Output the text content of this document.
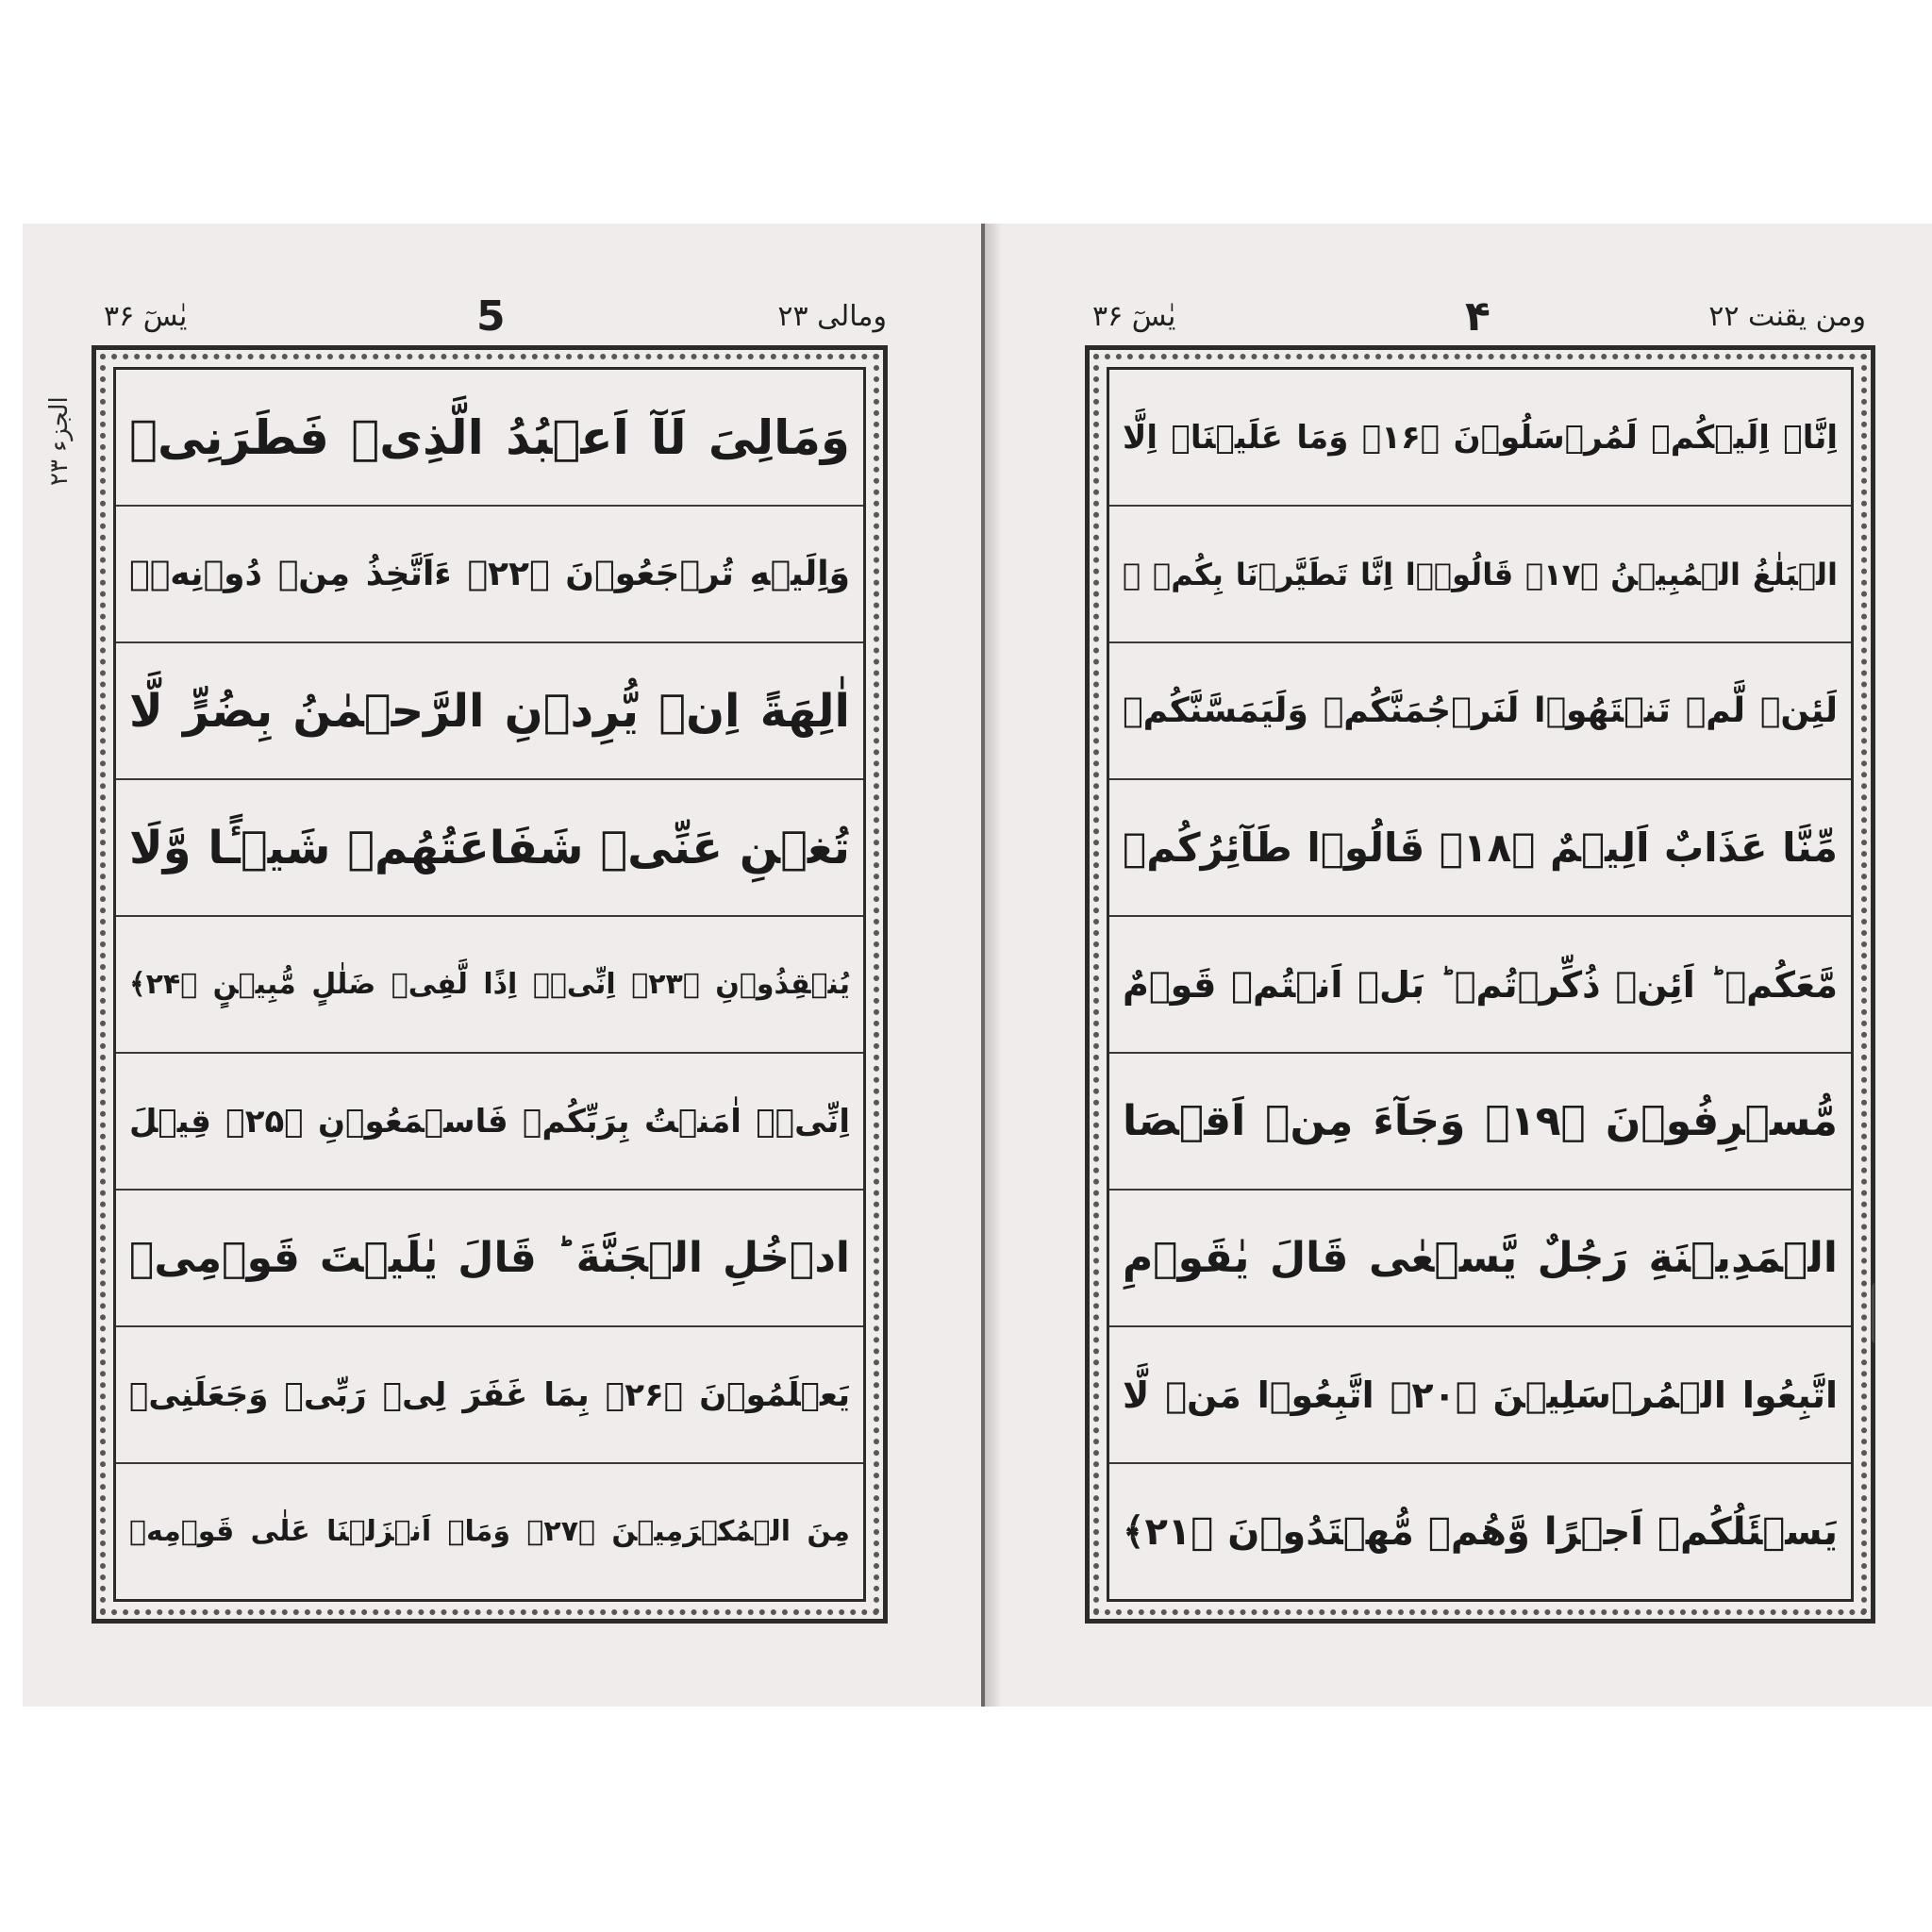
یٰسٓ ۳۶	5	ومالی ۲۳
الجزء ۲۳ وَمَالِیَ لَآ اَعۡبُدُ الَّذِیۡ فَطَرَنِیۡ
وَاِلَیۡهِ تُرۡجَعُوۡنَ ﴿۲۲﴾ ءَاَتَّخِذُ مِنۡ دُوۡنِهٖۤ
اٰلِهَةً اِنۡ یُّرِدۡنِ الرَّحۡمٰنُ بِضُرٍّ لَّا
تُغۡنِ عَنِّیۡ شَفَاعَتُهُمۡ شَیۡـًٔا وَّلَا
یُنۡقِذُوۡنِ ﴿۲۳﴾ اِنِّیۡۤ اِذًا لَّفِیۡ ضَلٰلٍ مُّبِیۡنٍ ﴿۲۴﴾
اِنِّیۡۤ اٰمَنۡتُ بِرَبِّکُمۡ فَاسۡمَعُوۡنِ ﴿۲۵﴾ قِیۡلَ
ادۡخُلِ الۡجَنَّةَ ؕ قَالَ یٰلَیۡتَ قَوۡمِیۡ
یَعۡلَمُوۡنَ ﴿۲۶﴾ بِمَا غَفَرَ لِیۡ رَبِّیۡ وَجَعَلَنِیۡ
مِنَ الۡمُکۡرَمِیۡنَ ﴿۲۷﴾ وَمَاۤ اَنۡزَلۡنَا عَلٰی قَوۡمِهٖ
یٰسٓ ۳۶	۴	ومن یقنت ۲۲
اِنَّاۤ اِلَیۡکُمۡ لَمُرۡسَلُوۡنَ ﴿۱۶﴾ وَمَا عَلَیۡنَاۤ اِلَّا
الۡبَلٰغُ الۡمُبِیۡنُ ﴿۱۷﴾ قَالُوۡۤا اِنَّا تَطَیَّرۡنَا بِکُمۡ ۚ
لَئِنۡ لَّمۡ تَنۡتَهُوۡا لَنَرۡجُمَنَّکُمۡ وَلَیَمَسَّنَّکُمۡ
مِّنَّا عَذَابٌ اَلِیۡمٌ ﴿۱۸﴾ قَالُوۡا طَآئِرُکُمۡ
مَّعَکُمۡ ؕ اَئِنۡ ذُکِّرۡتُمۡ ؕ بَلۡ اَنۡتُمۡ قَوۡمٌ
مُّسۡرِفُوۡنَ ﴿۱۹﴾ وَجَآءَ مِنۡ اَقۡصَا
الۡمَدِیۡنَةِ رَجُلٌ یَّسۡعٰی قَالَ یٰقَوۡمِ
اتَّبِعُوا الۡمُرۡسَلِیۡنَ ﴿۲۰﴾ اتَّبِعُوۡا مَنۡ لَّا
یَسۡئَلُکُمۡ اَجۡرًا وَّهُمۡ مُّهۡتَدُوۡنَ ﴿۲۱﴾
